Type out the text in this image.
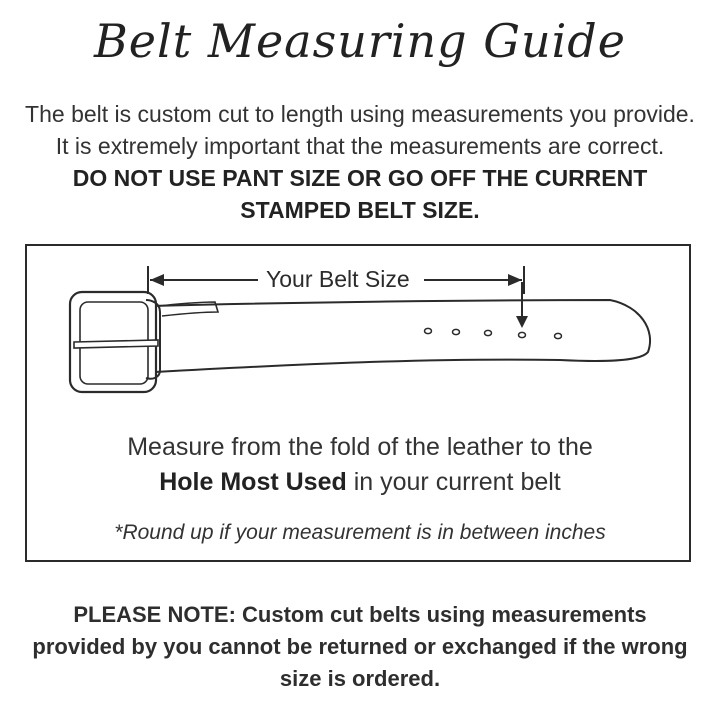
Belt Measuring Guide
The belt is custom cut to length using measurements you provide.
It is extremely important that the measurements are correct.
DO NOT USE PANT SIZE OR GO OFF THE CURRENT
STAMPED BELT SIZE.
Your Belt Size
Measure from the fold of the leather to the
Hole Most Used in your current belt
*Round up if your measurement is in between inches
PLEASE NOTE: Custom cut belts using measurements
provided by you cannot be returned or exchanged if the wrong
size is ordered.
